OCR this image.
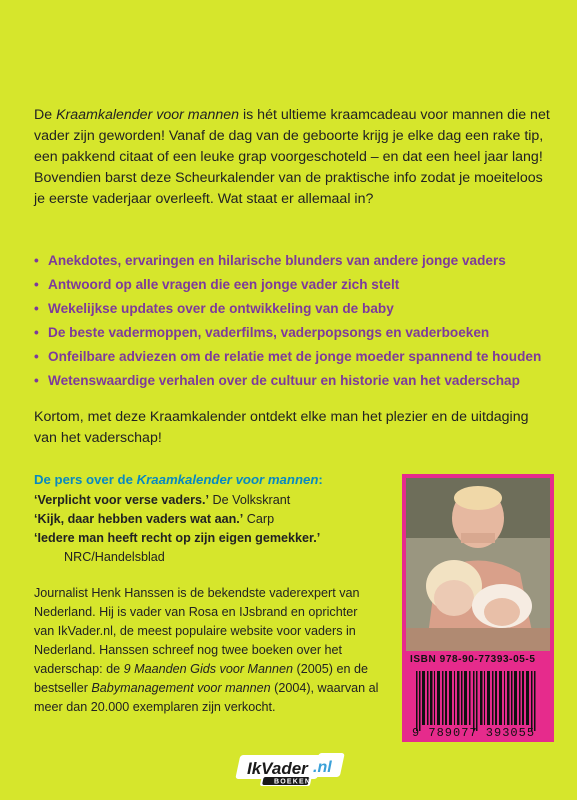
De Kraamkalender voor mannen is hét ultieme kraamcadeau voor mannen die net vader zijn geworden! Vanaf de dag van de geboorte krijg je elke dag een rake tip, een pakkend citaat of een leuke grap voorgeschoteld – en dat een heel jaar lang! Bovendien barst deze Scheurkalender van de praktische info zodat je moeiteloos je eerste vaderjaar overleeft. Wat staat er allemaal in?
• Anekdotes, ervaringen en hilarische blunders van andere jonge vaders
• Antwoord op alle vragen die een jonge vader zich stelt
• Wekelijkse updates over de ontwikkeling van de baby
• De beste vadermoppen, vaderfilms, vaderpopsongs en vaderboeken
• Onfeilbare adviezen om de relatie met de jonge moeder spannend te houden
• Wetenswaardige verhalen over de cultuur en historie van het vaderschap
Kortom, met deze Kraamkalender ontdekt elke man het plezier en de uitdaging van het vaderschap!
De pers over de Kraamkalender voor mannen:
‘Verplicht voor verse vaders.’ De Volkskrant
‘Kijk, daar hebben vaders wat aan.’ Carp
‘Iedere man heeft recht op zijn eigen gemekker.’
NRC/Handelsblad
Journalist Henk Hanssen is de bekendste vaderexpert van Nederland. Hij is vader van Rosa en IJsbrand en oprichter van IkVader.nl, de meest populaire website voor vaders in Nederland. Hanssen schreef nog twee boeken over het vaderschap: de 9 Maanden Gids voor Mannen (2005) en de bestseller Babymanagement voor mannen (2004), waarvan al meer dan 20.000 exemplaren zijn verkocht.
ISBN 978-90-77393-05-5
9 789077 393055
IkVader .nl
BOEKEN
